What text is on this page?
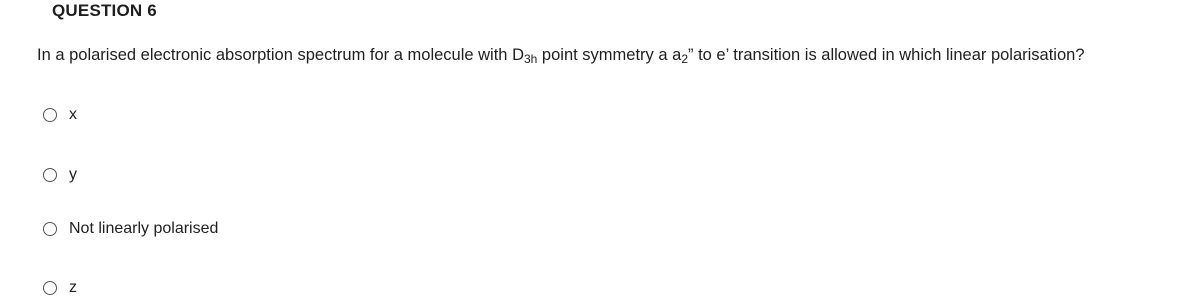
QUESTION 6
In a polarised electronic absorption spectrum for a molecule with $D_{3h}$ point symmetry a $a_2$” to e’ transition is allowed in which linear polarisation?
x
y
Not linearly polarised
z
